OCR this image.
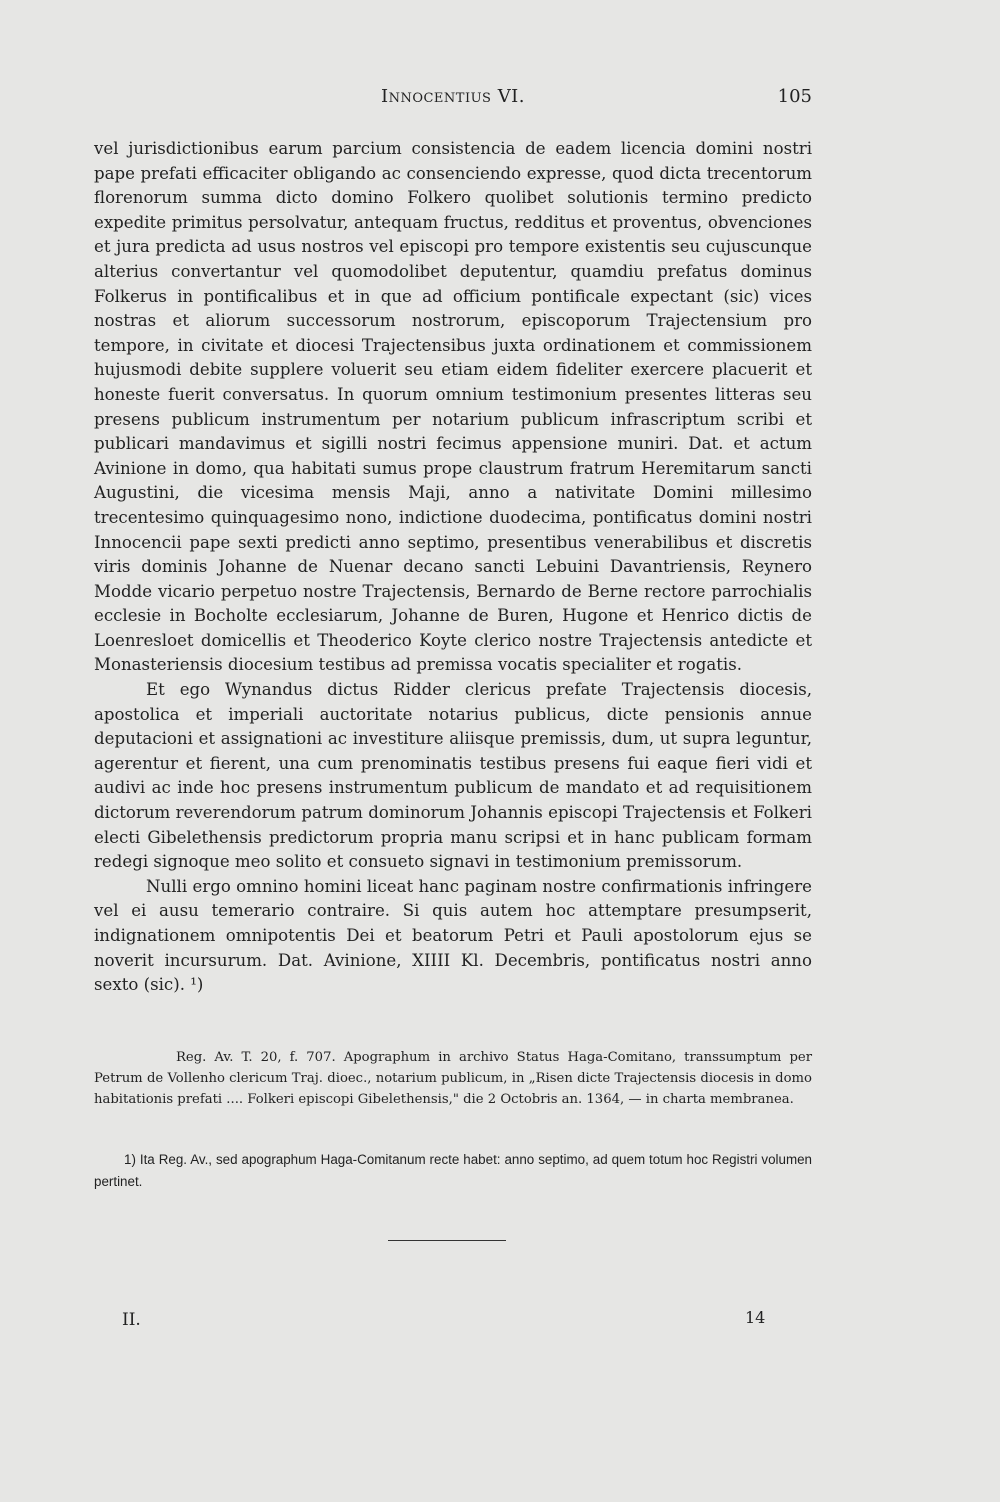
Innocentius VI.	105

vel jurisdictionibus earum parcium consistencia de eadem licencia domini nostri pape prefati efficaciter obligando ac consenciendo expresse, quod dicta trecentorum florenorum summa dicto domino Folkero quolibet solutionis termino predicto expedite primitus persolvatur, antequam fructus, redditus et proventus, obvenciones et jura predicta ad usus nostros vel episcopi pro tempore existentis seu cujuscunque alterius convertantur vel quomodolibet deputentur, quamdiu prefatus dominus Folkerus in pontificalibus et in que ad officium pontificale expectant (sic) vices nostras et aliorum successorum nostrorum, episcoporum Trajectensium pro tempore, in civitate et diocesi Trajectensibus juxta ordinationem et commissionem hujusmodi debite supplere voluerit seu etiam eidem fideliter exercere placuerit et honeste fuerit conversatus. In quorum omnium testimonium presentes litteras seu presens publicum instrumentum per notarium publicum infrascriptum scribi et publicari mandavimus et sigilli nostri fecimus appensione muniri. Dat. et actum Avinione in domo, qua habitati sumus prope claustrum fratrum Heremitarum sancti Augustini, die vicesima mensis Maji, anno a nativitate Domini millesimo trecentesimo quinquagesimo nono, indictione duodecima, pontificatus domini nostri Innocencii pape sexti predicti anno septimo, presentibus venerabilibus et discretis viris dominis Johanne de Nuenar decano sancti Lebuini Davantriensis, Reynero Modde vicario perpetuo nostre Trajectensis, Bernardo de Berne rectore parrochialis ecclesie in Bocholte ecclesiarum, Johanne de Buren, Hugone et Henrico dictis de Loenresloet domicellis et Theoderico Koyte clerico nostre Trajectensis antedicte et Monasteriensis diocesium testibus ad premissa vocatis specialiter et rogatis.

Et ego Wynandus dictus Ridder clericus prefate Trajectensis diocesis, apostolica et imperiali auctoritate notarius publicus, dicte pensionis annue deputacioni et assignationi ac investiture aliisque premissis, dum, ut supra leguntur, agerentur et fierent, una cum prenominatis testibus presens fui eaque fieri vidi et audivi ac inde hoc presens instrumentum publicum de mandato et ad requisitionem dictorum reverendorum patrum dominorum Johannis episcopi Trajectensis et Folkeri electi Gibelethensis predictorum propria manu scripsi et in hanc publicam formam redegi signoque meo solito et consueto signavi in testimonium premissorum.

Nulli ergo omnino homini liceat hanc paginam nostre confirmationis infringere vel ei ausu temerario contraire. Si quis autem hoc attemptare presumpserit, indignationem omnipotentis Dei et beatorum Petri et Pauli apostolorum ejus se noverit incursurum. Dat. Avinione, XIIII Kl. Decembris, pontificatus nostri anno sexto (sic). ¹)

Reg. Av. T. 20, f. 707. Apographum in archivo Status Haga-Comitano, transsumptum per Petrum de Vollenho clericum Traj. dioec., notarium publicum, in „Risen dicte Trajectensis diocesis in domo habitationis prefati .... Folkeri episcopi Gibelethensis," die 2 Octobris an. 1364, — in charta membranea.
1) Ita Reg. Av., sed apographum Haga-Comitanum recte habet: anno septimo, ad quem totum hoc Registri volumen pertinet.
II.	14
